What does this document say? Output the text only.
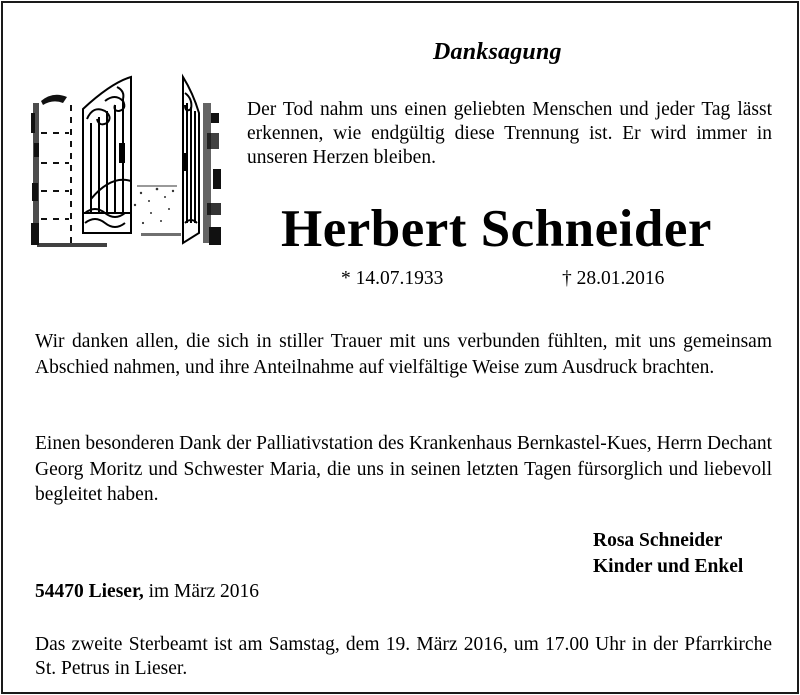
Danksagung
Der Tod nahm uns einen geliebten Menschen und jeder Tag lässt erkennen, wie endgültig diese Trennung ist. Er wird immer in unseren Herzen bleiben.
Herbert Schneider
* 14.07.1933	† 28.01.2016
Wir danken allen, die sich in stiller Trauer mit uns verbunden fühlten, mit uns gemeinsam Abschied nahmen, und ihre Anteilnahme auf vielfältige Weise zum Ausdruck brachten.
Einen besonderen Dank der Palliativstation des Krankenhaus Bernkastel-Kues, Herrn Dechant Georg Moritz und Schwester Maria, die uns in seinen letzten Tagen fürsorglich und liebevoll begleitet haben.
Rosa Schneider
Kinder und Enkel
54470 Lieser, im März 2016
Das zweite Sterbeamt ist am Samstag, dem 19. März 2016, um 17.00 Uhr in der Pfarrkirche St. Petrus in Lieser.
